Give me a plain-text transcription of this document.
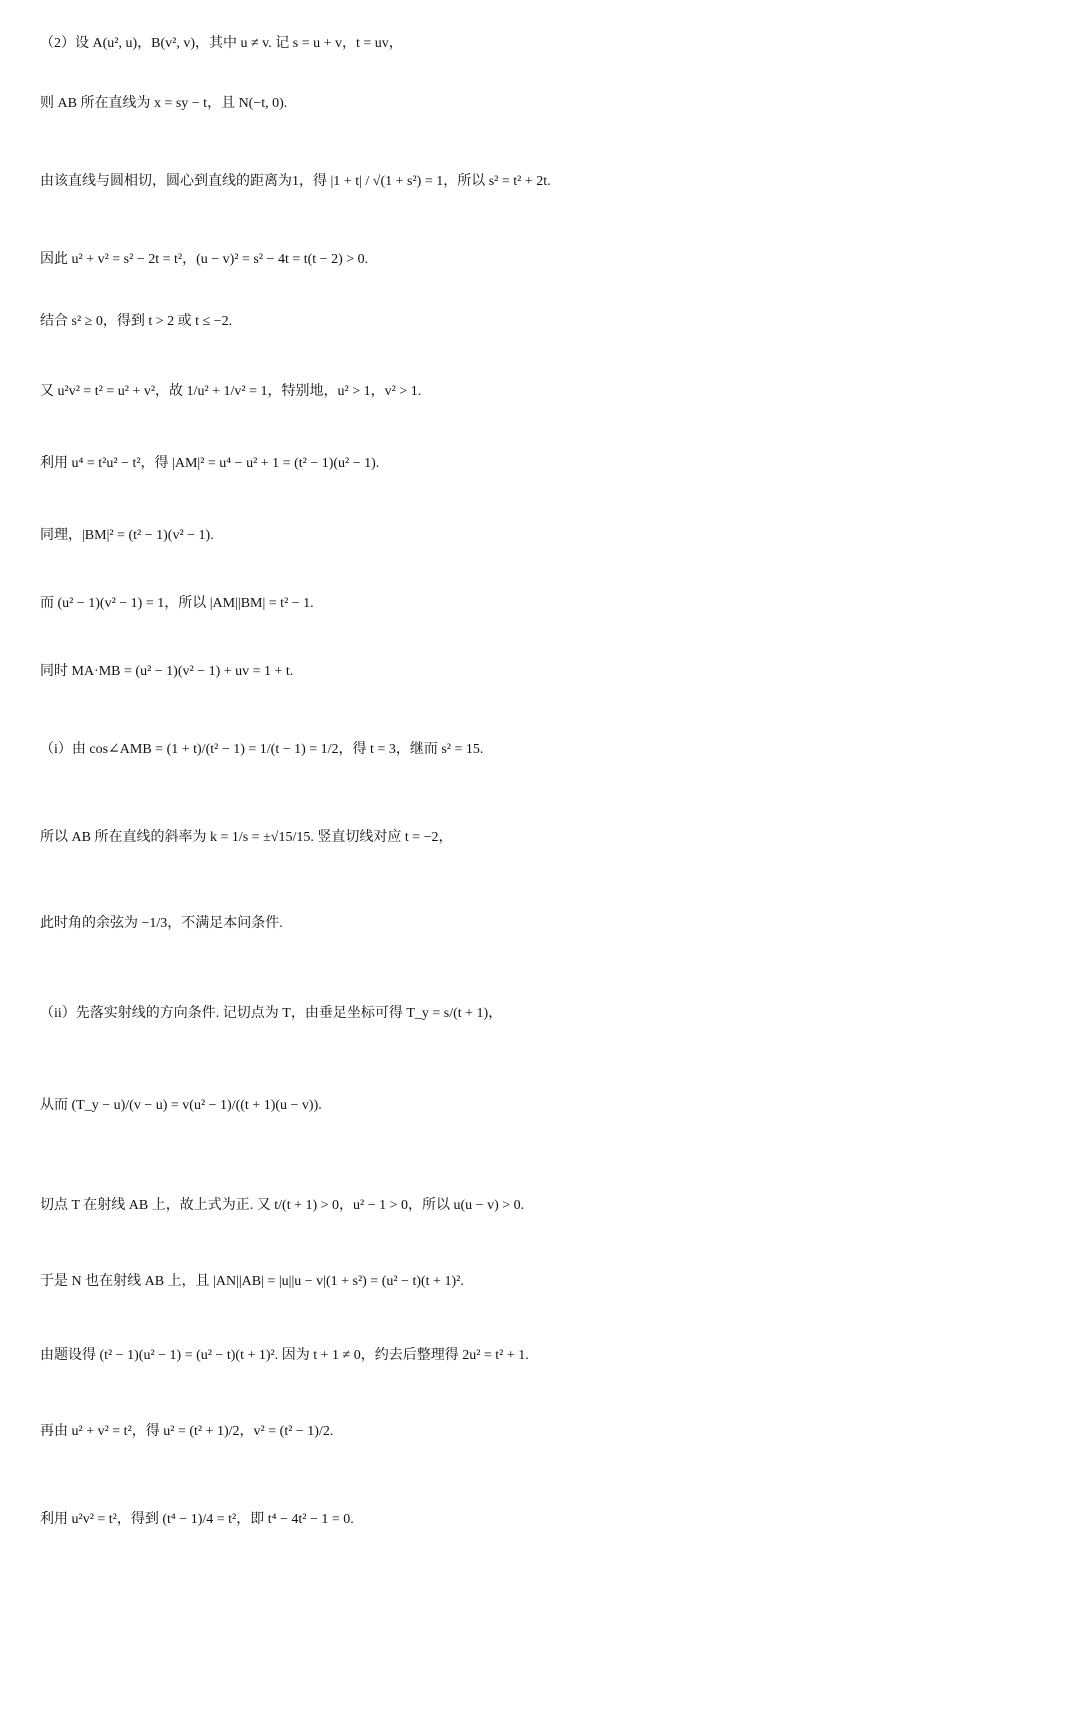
（2）设 A(u², u)，B(v², v)，其中 u ≠ v. 记 s = u + v，t = uv，
则 AB 所在直线为 x = sy − t，且 N(−t, 0).
由该直线与圆相切，圆心到直线的距离为1，得 |1 + t| / √(1 + s²) = 1，所以 s² = t² + 2t.
因此 u² + v² = s² − 2t = t²，(u − v)² = s² − 4t = t(t − 2) > 0.
结合 s² ≥ 0，得到 t > 2 或 t ≤ −2.
又 u²v² = t² = u² + v²，故 1/u² + 1/v² = 1，特别地，u² > 1，v² > 1.
利用 u⁴ = t²u² − t²，得 |AM|² = u⁴ − u² + 1 = (t² − 1)(u² − 1).
同理，|BM|² = (t² − 1)(v² − 1).
而 (u² − 1)(v² − 1) = 1，所以 |AM||BM| = t² − 1.
同时 MA·MB = (u² − 1)(v² − 1) + uv = 1 + t.
（i）由 cos∠AMB = (1 + t)/(t² − 1) = 1/(t − 1) = 1/2，得 t = 3，继而 s² = 15.
所以 AB 所在直线的斜率为 k = 1/s = ±√15/15. 竖直切线对应 t = −2，
此时角的余弦为 −1/3，不满足本问条件.
（ii）先落实射线的方向条件. 记切点为 T，由垂足坐标可得 T_y = s/(t + 1)，
从而 (T_y − u)/(v − u) = v(u² − 1)/((t + 1)(u − v)).
切点 T 在射线 AB 上，故上式为正. 又 t/(t + 1) > 0，u² − 1 > 0，所以 u(u − v) > 0.
于是 N 也在射线 AB 上，且 |AN||AB| = |u||u − v|(1 + s²) = (u² − t)(t + 1)².
由题设得 (t² − 1)(u² − 1) = (u² − t)(t + 1)². 因为 t + 1 ≠ 0，约去后整理得 2u² = t² + 1.
再由 u² + v² = t²，得 u² = (t² + 1)/2，v² = (t² − 1)/2.
利用 u²v² = t²，得到 (t⁴ − 1)/4 = t²，即 t⁴ − 4t² − 1 = 0.
